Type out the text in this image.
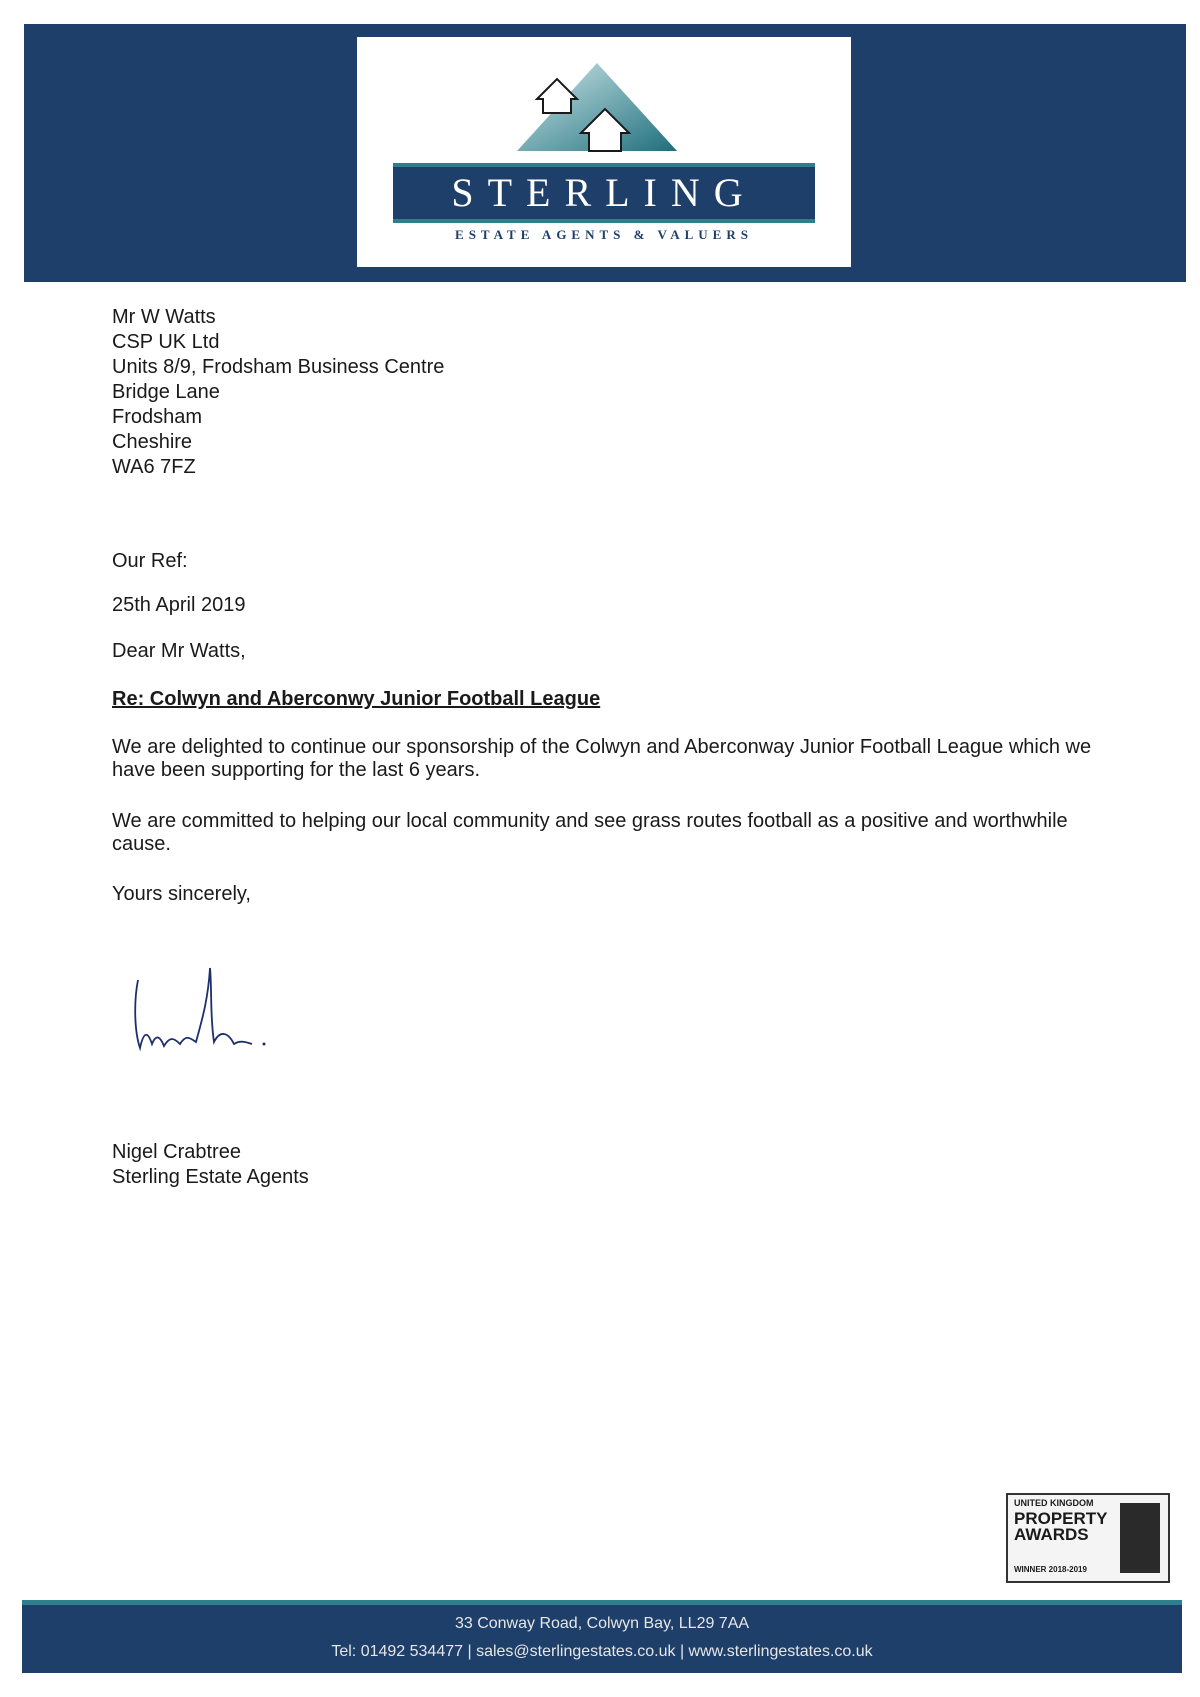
STERLING
ESTATE AGENTS & VALUERS
Mr W Watts
CSP UK Ltd
Units 8/9, Frodsham Business Centre
Bridge Lane
Frodsham
Cheshire
WA6 7FZ
Our Ref:
25th April 2019
Dear Mr Watts,
Re: Colwyn and Aberconwy Junior Football League
We are delighted to continue our sponsorship of the Colwyn and Aberconway Junior Football League which we have been supporting for the last 6 years.
We are committed to helping our local community and see grass routes football as a positive and worthwhile cause.
Yours sincerely,
Nigel Crabtree
Sterling Estate Agents
UNITED KINGDOM
PROPERTY AWARDS
WINNER 2018-2019
33 Conway Road, Colwyn Bay, LL29 7AA
Tel: 01492 534477 | sales@sterlingestates.co.uk | www.sterlingestates.co.uk
